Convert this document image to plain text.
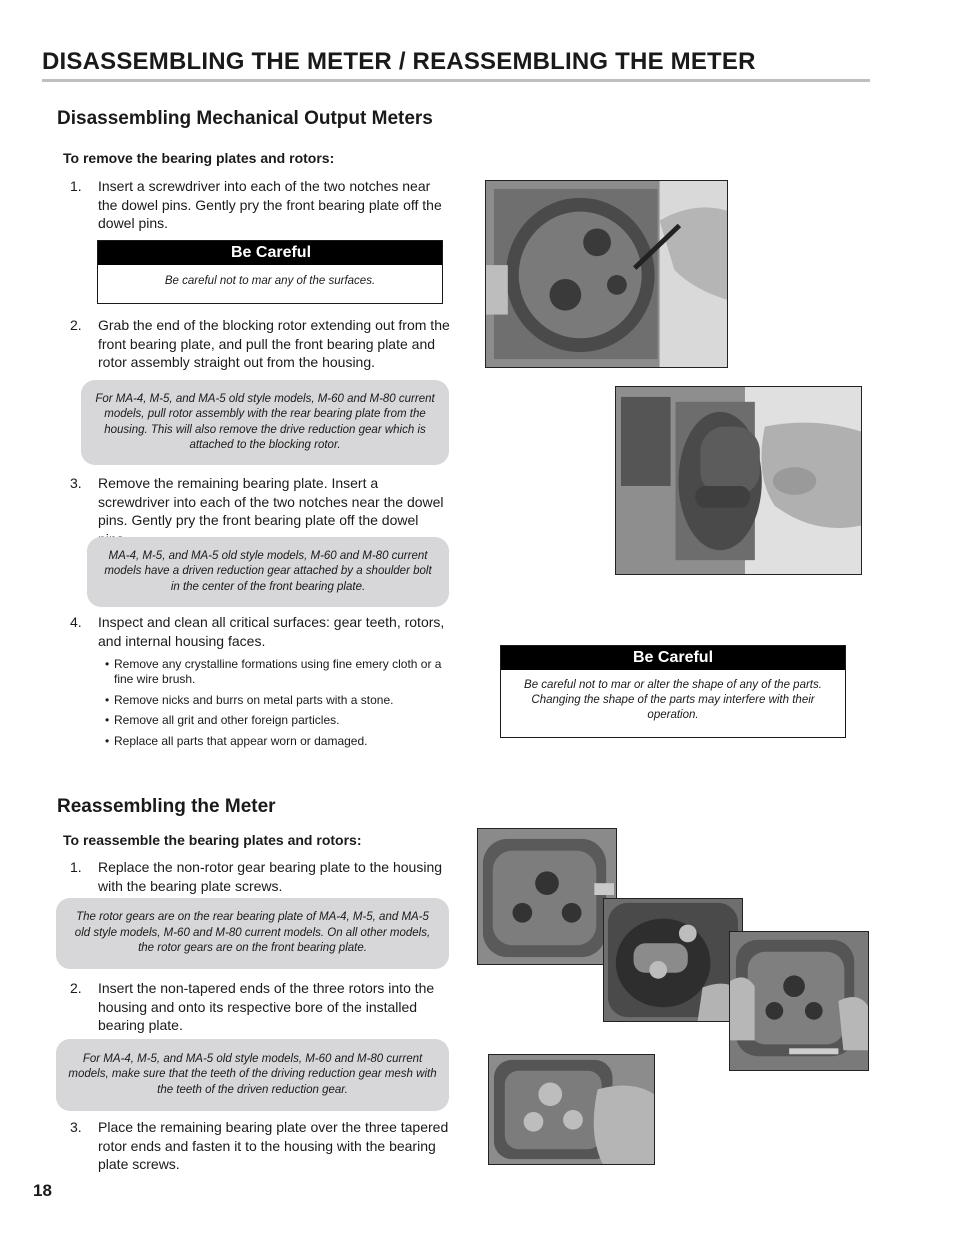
DISASSEMBLING THE METER / REASSEMBLING THE METER
Disassembling Mechanical Output Meters
To remove the bearing plates and rotors:
1. Insert a screwdriver into each of the two notches near the dowel pins. Gently pry the front bearing plate off the dowel pins.
Be Careful
Be careful not to mar any of the surfaces.
2. Grab the end of the blocking rotor extending out from the front bearing plate, and pull the front bearing plate and rotor assembly straight out from the housing.
For MA-4, M-5, and MA-5 old style models, M-60 and M-80 current models, pull rotor assembly with the rear bearing plate from the housing. This will also remove the drive reduction gear which is attached to the blocking rotor.
3. Remove the remaining bearing plate. Insert a screwdriver into each of the two notches near the dowel pins. Gently pry the front bearing plate off the dowel
MA-4, M-5, and MA-5 old style models, M-60 and M-80 current models have a driven reduction gear attached by a shoulder bolt in the center of the front bearing plate.
4. Inspect and clean all critical surfaces: gear teeth, rotors, and internal housing faces.
• Remove any crystalline formations using fine emery cloth or a fine wire brush.
• Remove nicks and burrs on metal parts with a stone.
• Remove all grit and other foreign particles.
• Replace all parts that appear worn or damaged.
Be Careful
Be careful not to mar or alter the shape of any of the parts. Changing the shape of the parts may interfere with their operation.
Reassembling the Meter
To reassemble the bearing plates and rotors:
1. Replace the non-rotor gear bearing plate to the housing with the bearing plate screws.
The rotor gears are on the rear bearing plate of MA-4, M-5, and MA-5 old style models, M-60 and M-80 current models. On all other models, the rotor gears are on the front bearing plate.
2. Insert the non-tapered ends of the three rotors into the housing and onto its respective bore of the installed bearing plate.
For MA-4, M-5, and MA-5 old style models, M-60 and M-80 current models, make sure that the teeth of the driving reduction gear mesh with the teeth of the driven reduction gear.
3. Place the remaining bearing plate over the three tapered rotor ends and fasten it to the housing with the bearing plate screws.
18
